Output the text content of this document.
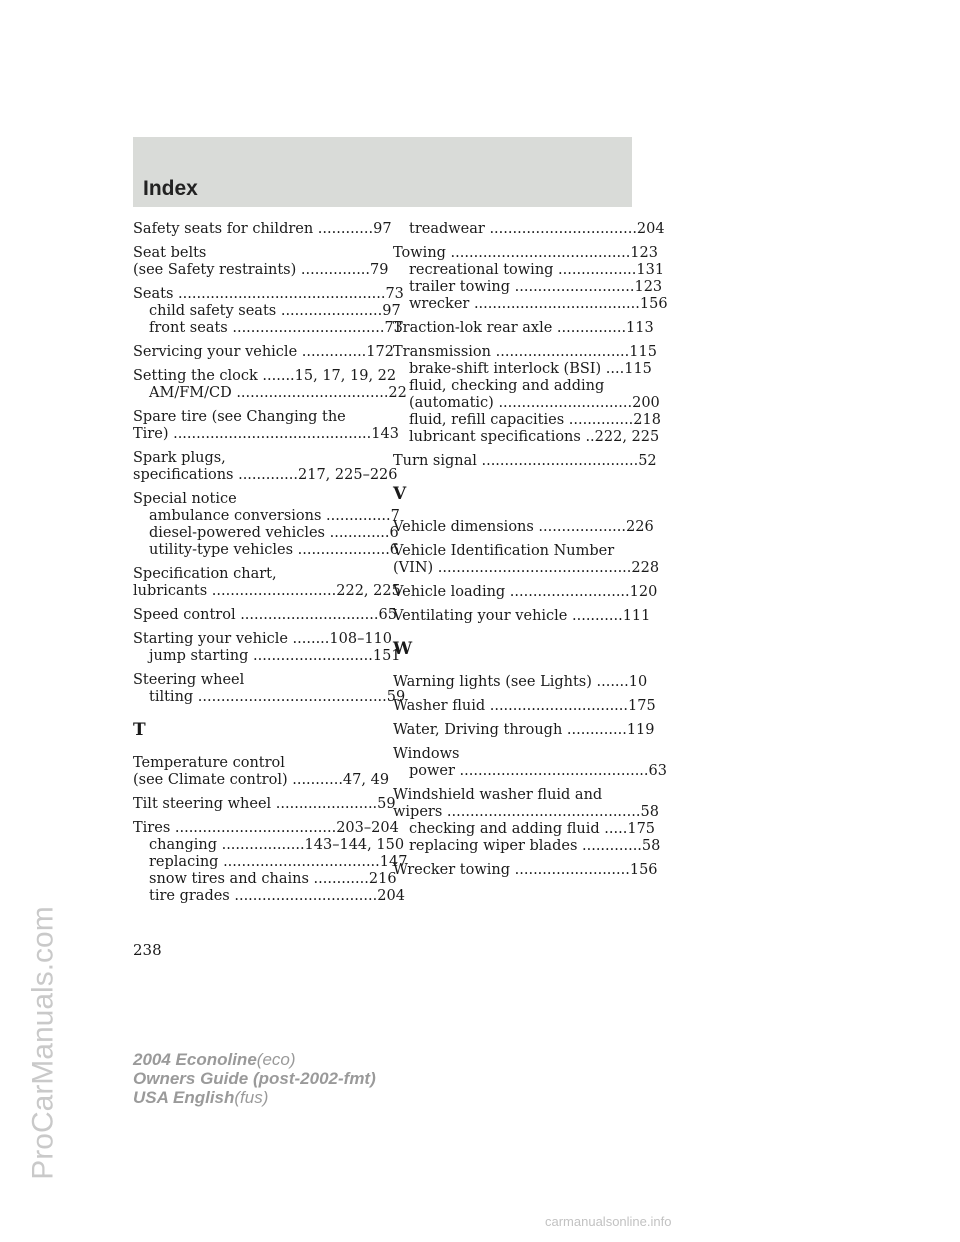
Index
Safety seats for children ............97
Seat belts
(see Safety restraints) ...............79
Seats .............................................73
child safety seats ......................97
front seats .................................73
Servicing your vehicle ..............172
Setting the clock .......15, 17, 19, 22
AM/FM/CD .................................22
Spare tire (see Changing the
Tire) ...........................................143
Spark plugs,
specifications .............217, 225–226
Special notice
ambulance conversions ..............7
diesel-powered vehicles .............6
utility-type vehicles ....................6
Specification chart,
lubricants ...........................222, 225
Speed control ..............................65
Starting your vehicle ........108–110
jump starting ..........................151
Steering wheel
tilting .........................................59
T
Temperature control
(see Climate control) ...........47, 49
Tilt steering wheel ......................59
Tires ...................................203–204
changing ..................143–144, 150
replacing ..................................147
snow tires and chains ............216
tire grades ...............................204
treadwear ................................204
Towing .......................................123
recreational towing .................131
trailer towing ..........................123
wrecker ....................................156
Traction-lok rear axle ...............113
Transmission .............................115
brake-shift interlock (BSI) ....115
fluid, checking and adding
(automatic) .............................200
fluid, refill capacities ..............218
lubricant specifications ..222, 225
Turn signal ..................................52
V
Vehicle dimensions ...................226
Vehicle Identification Number
(VIN) ..........................................228
Vehicle loading ..........................120
Ventilating your vehicle ...........111
W
Warning lights (see Lights) .......10
Washer fluid ..............................175
Water, Driving through .............119
Windows
power .........................................63
Windshield washer fluid and
wipers ..........................................58
checking and adding fluid .....175
replacing wiper blades .............58
Wrecker towing .........................156
238
2004 Econoline(eco)
Owners Guide (post-2002-fmt)
USA English(fus)
ProCarManuals.com
carmanualsonline.info
